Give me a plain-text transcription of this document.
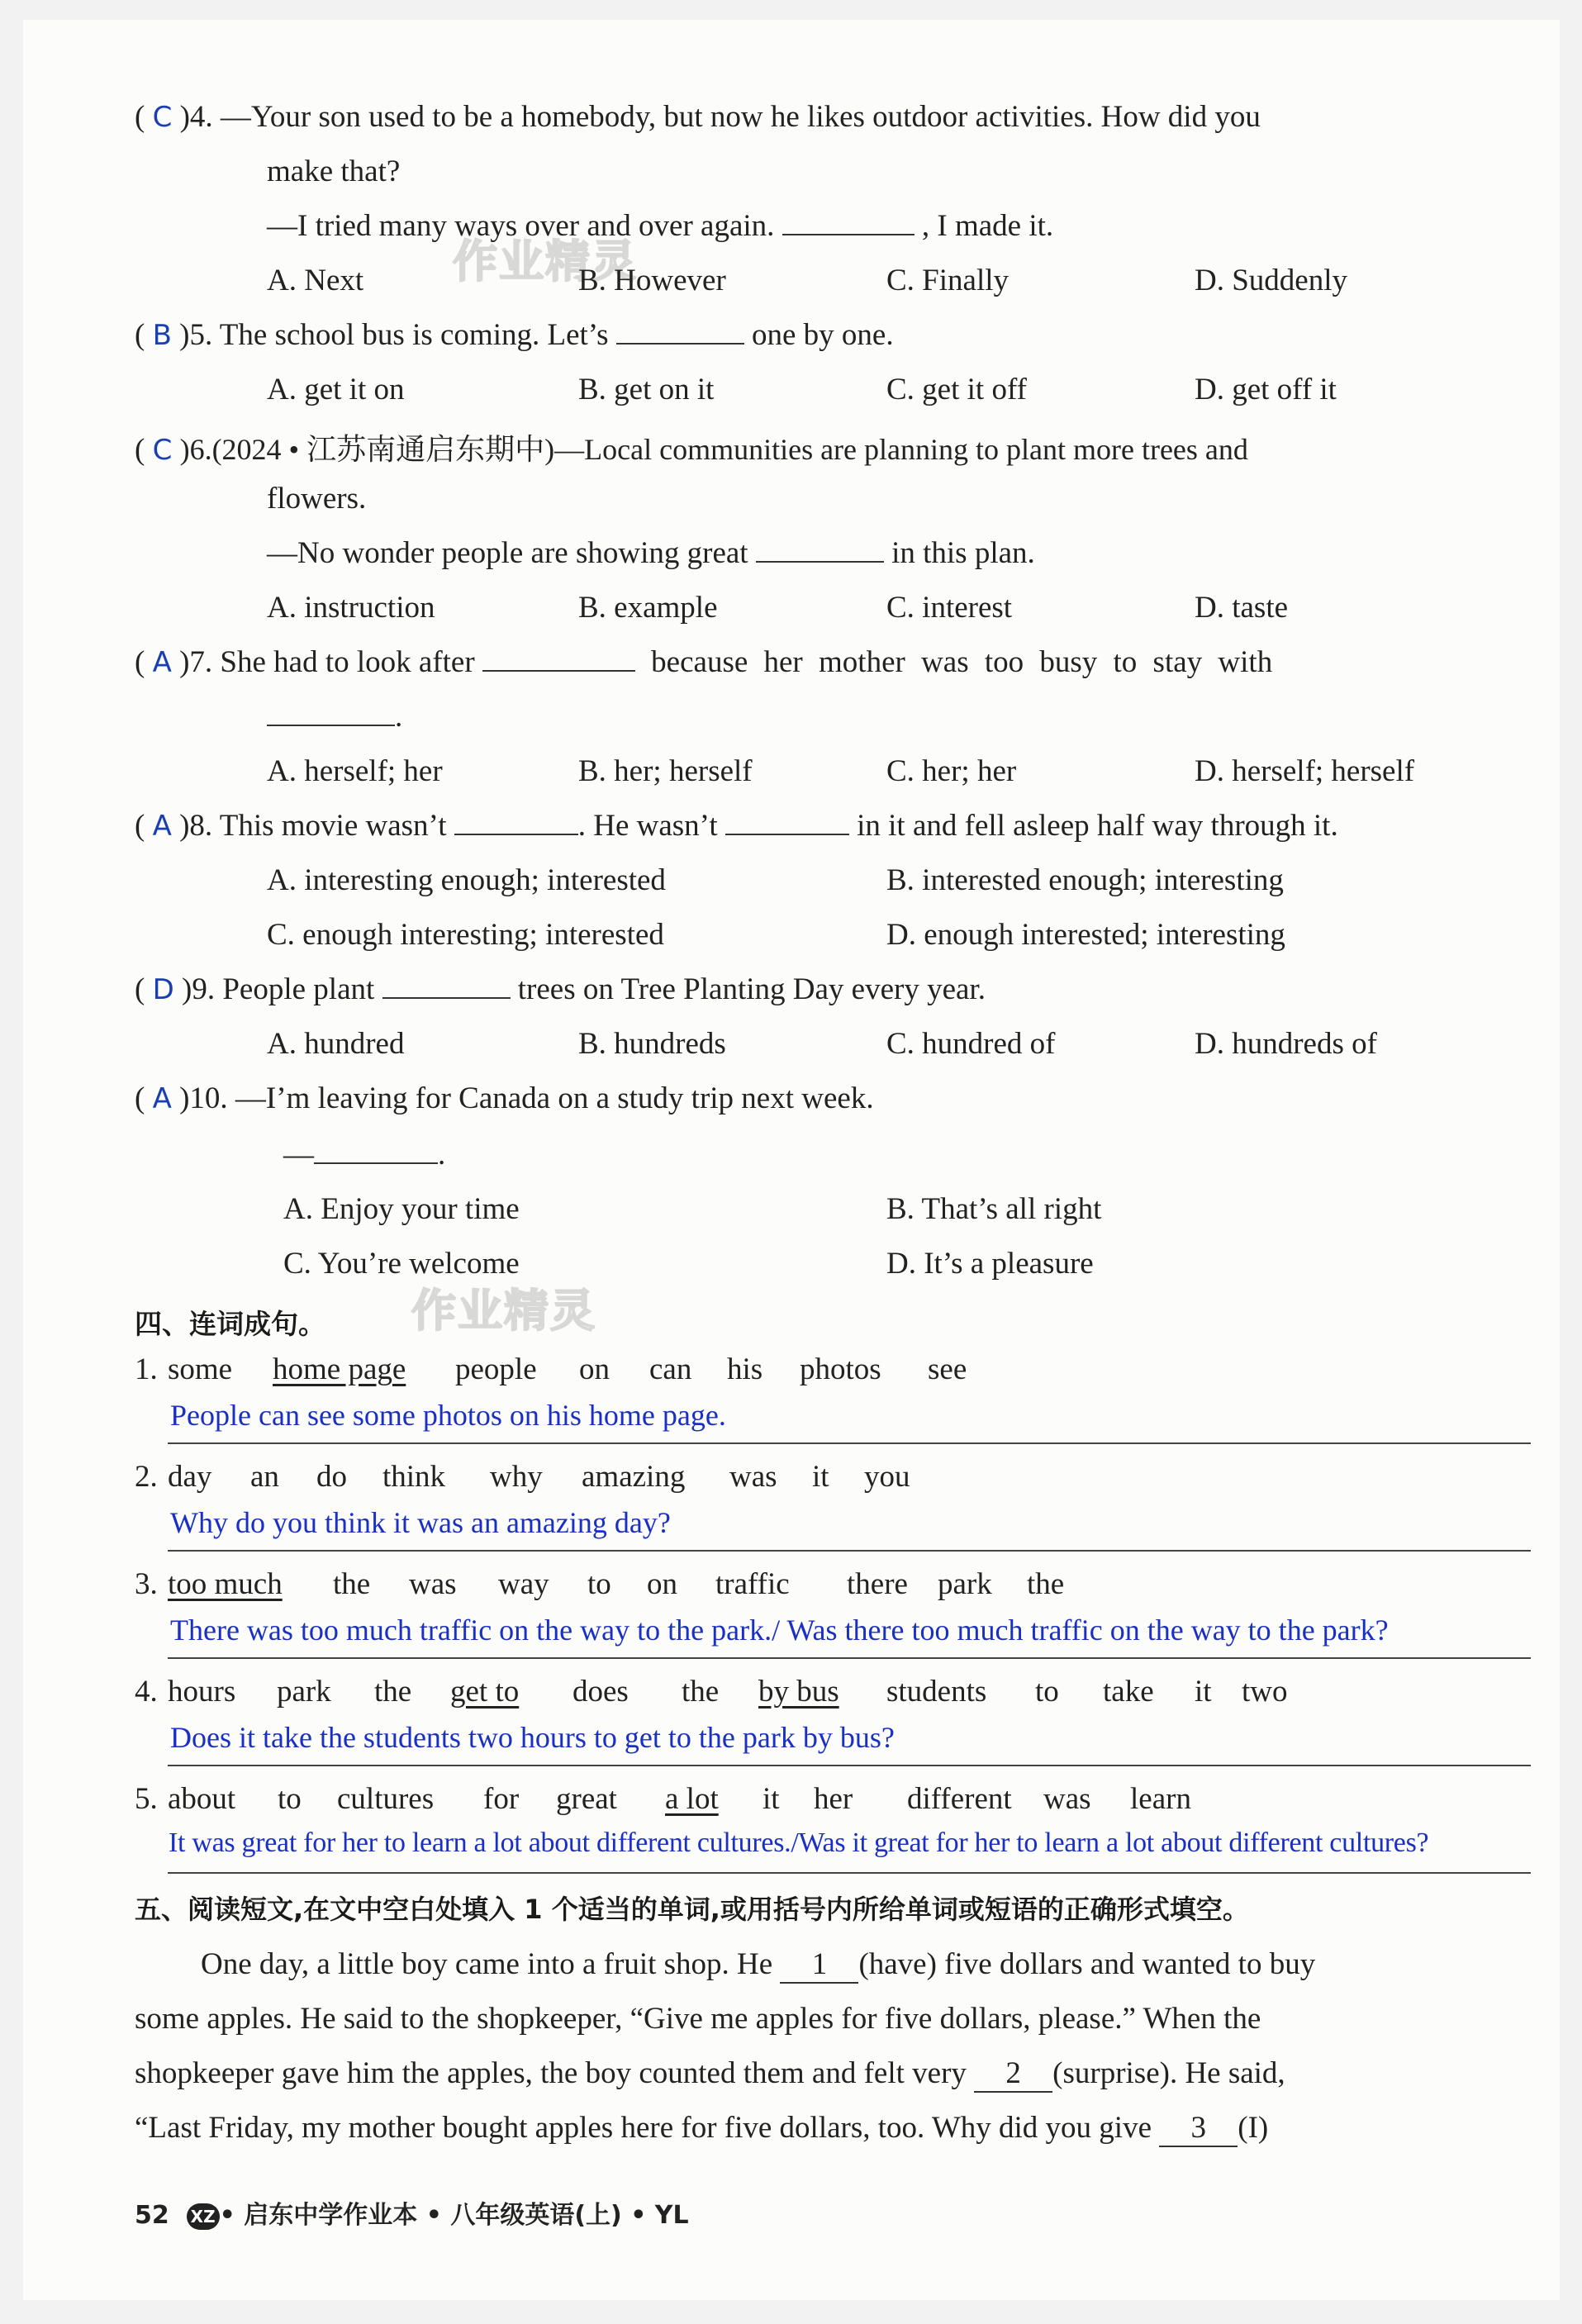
作业精灵
作业精灵
( C )4. —Your son used to be a homebody, but now he likes outdoor activities. How did you
make that?
—I tried many ways over and over again.	, I made it.
A. Next	B. However	C. Finally	D. Suddenly
( B )5. The school bus is coming. Let’s	one by one.
A. get it on	B. get on it	C. get it off	D. get off it
( C )6.(2024 • 江苏南通启东期中)—Local communities are planning to plant more trees and
flowers.
—No wonder people are showing great	in this plan.
A. instruction	B. example	C. interest	D. taste
( A )7. She had to look after	because her mother was too busy to stay with
.
A. herself; her	B. her; herself	C. her; her	D. herself; herself
( A )8. This movie wasn’t	. He wasn’t	in it and fell asleep half way through it.
A. interesting enough; interested	B. interested enough; interesting
C. enough interesting; interested	D. enough interested; interesting
( D )9. People plant	trees on Tree Planting Day every year.
A. hundred	B. hundreds	C. hundred of	D. hundreds of
( A )10. —I’m leaving for Canada on a study trip next week.
—	.
A. Enjoy your time	B. That’s all right
C. You’re welcome	D. It’s a pleasure
四、连词成句。
1. some home page people on can his photos see
People can see some photos on his home page.
2. day an do think why amazing was it you
Why do you think it was an amazing day?
3. too much the was way to on traffic there park the
There was too much traffic on the way to the park./ Was there too much traffic on the way to the park?
4. hours park the get to does the by bus students to take it two
Does it take the students two hours to get to the park by bus?
5. about to cultures for great a lot it her different was learn
It was great for her to learn a lot about different cultures./Was it great for her to learn a lot about different cultures?
五、阅读短文,在文中空白处填入 1 个适当的单词,或用括号内所给单词或短语的正确形式填空。
One day, a little boy came into a fruit shop. He 1 (have) five dollars and wanted to buy
some apples. He said to the shopkeeper, “Give me apples for five dollars, please.” When the
shopkeeper gave him the apples, the boy counted them and felt very 2 (surprise). He said,
“Last Friday, my mother bought apples here for five dollars, too. Why did you give 3 (I)
52 XZ • 启东中学作业本 • 八年级英语(上) • YL
